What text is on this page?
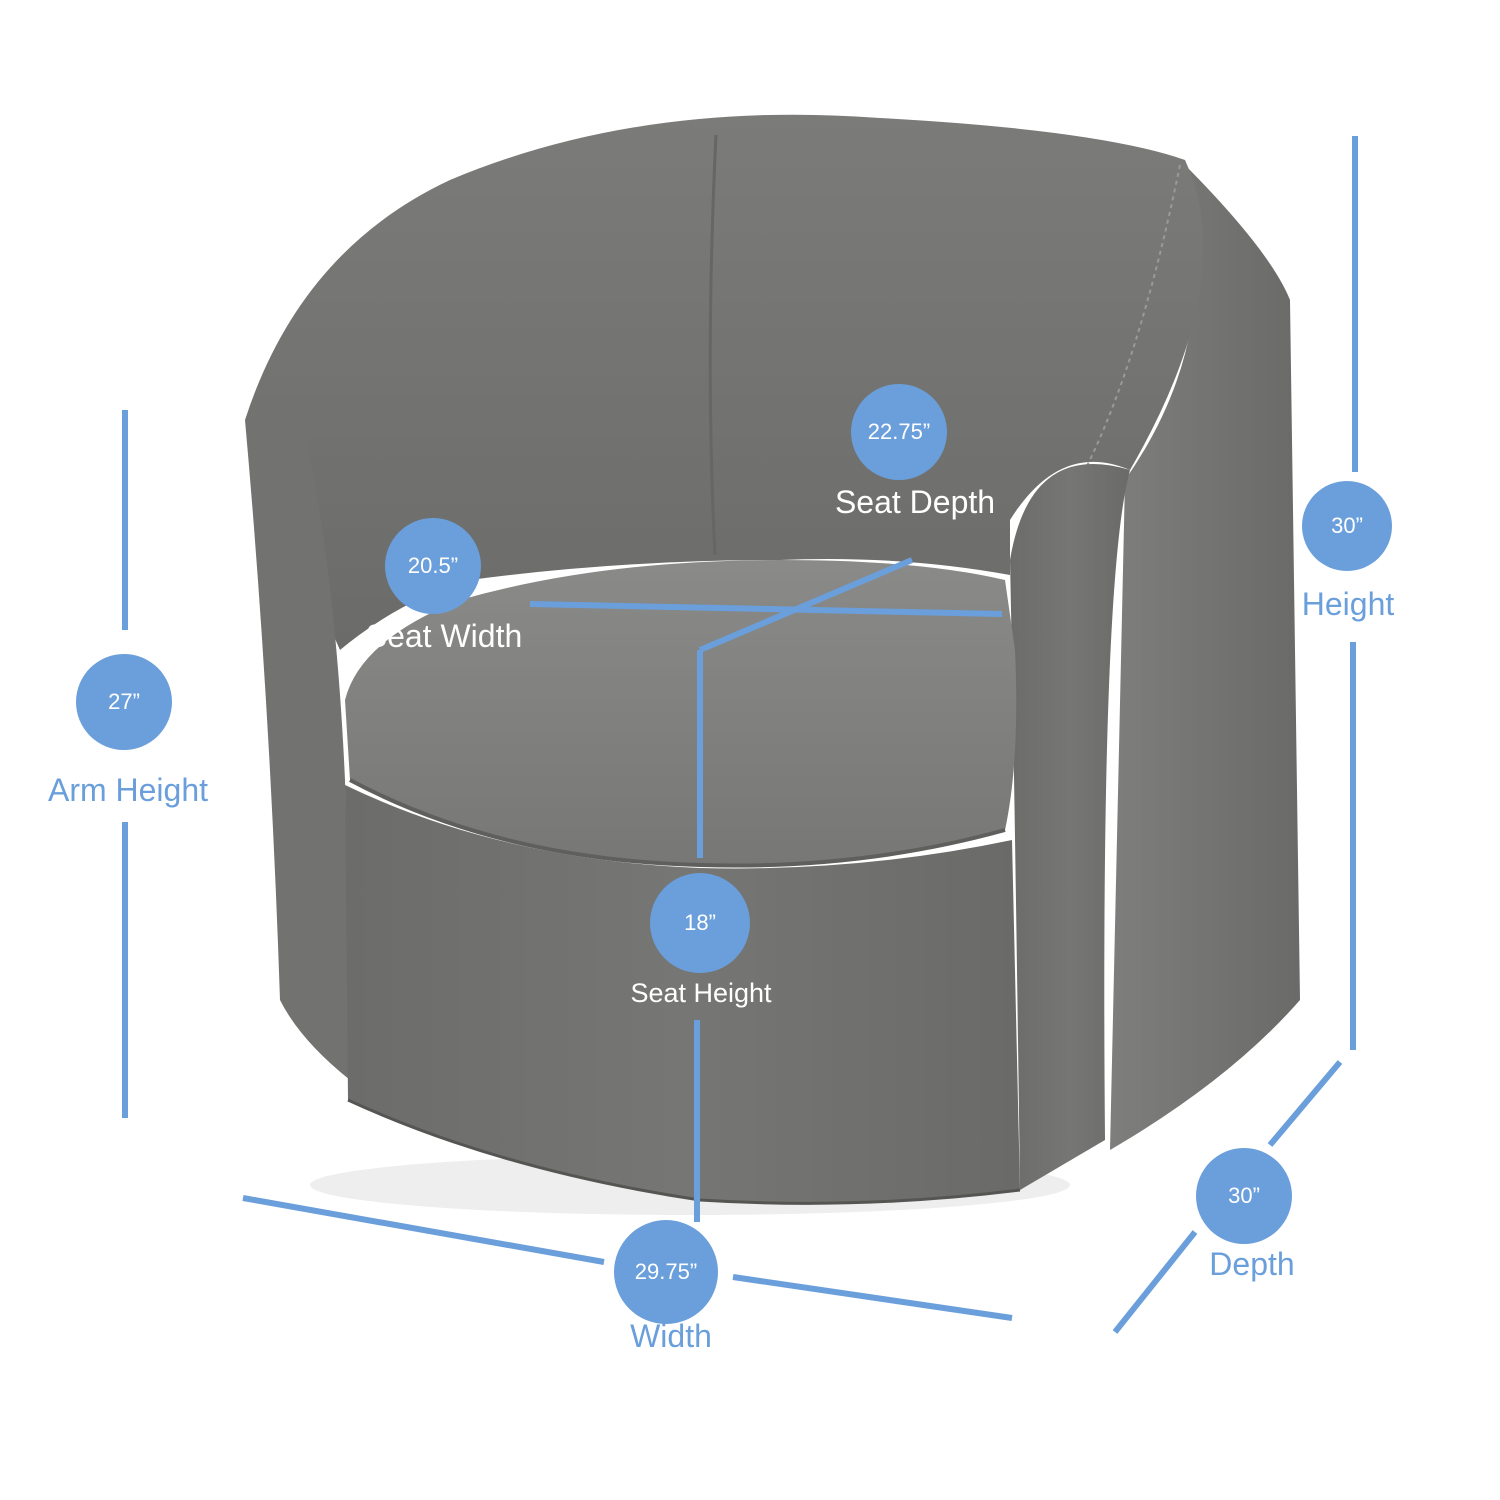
22.75”
Seat Depth
20.5”
Seat Width
30”
Height
27”
Arm Height
18”
Seat Height
30”
Depth
29.75”
Width
